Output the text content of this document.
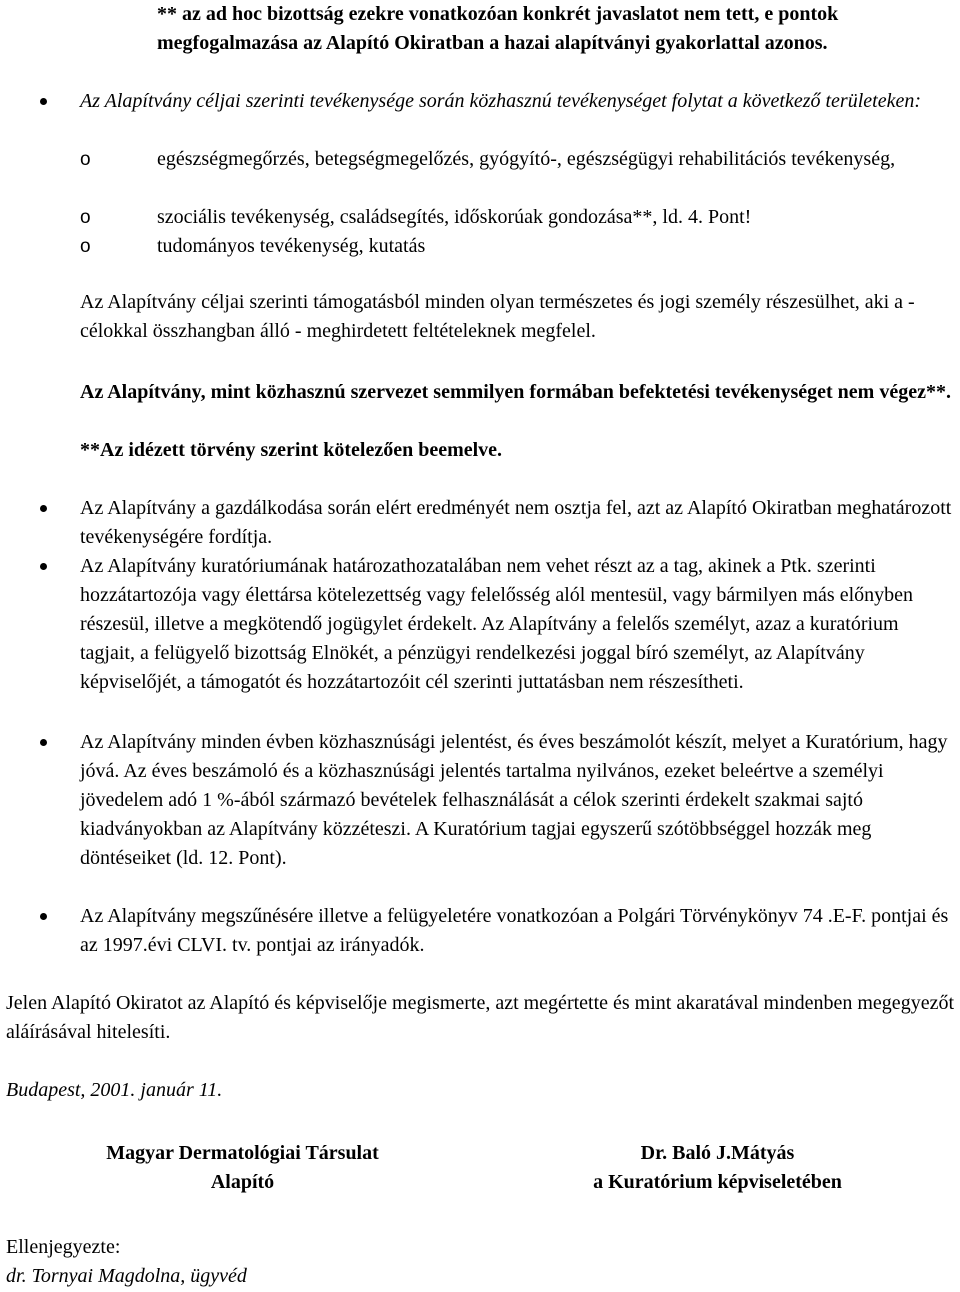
** az ad hoc bizottság ezekre vonatkozóan konkrét javaslatot nem tett, e pontok megfogalmazása az Alapító Okiratban a hazai alapítványi gyakorlattal azonos.

Az Alapítvány céljai szerinti tevékenysége során közhasznú tevékenységet folytat a következő területeken:

o	egészségmegőrzés, betegségmegelőzés, gyógyító-, egészségügyi rehabilitációs tevékenység,

o	szociális tevékenység, családsegítés, időskorúak gondozása**, ld. 4. Pont!

o	tudományos tevékenység, kutatás

Az Alapítvány céljai szerinti támogatásból minden olyan természetes és jogi személy részesülhet, aki a - célokkal összhangban álló - meghirdetett feltételeknek megfelel.

Az Alapítvány, mint közhasznú szervezet semmilyen formában befektetési tevékenységet nem végez**.

**Az idézett törvény szerint kötelezően beemelve.

Az Alapítvány a gazdálkodása során elért eredményét nem osztja fel, azt az Alapító Okiratban meghatározott tevékenységére fordítja.

Az Alapítvány kuratóriumának határozathozatalában nem vehet részt az a tag, akinek a Ptk. szerinti hozzátartozója vagy élettársa kötelezettség vagy felelősség alól mentesül, vagy bármilyen más előnyben részesül, illetve a megkötendő jogügylet érdekelt. Az Alapítvány a felelős személyt, azaz a kuratórium tagjait, a felügyelő bizottság Elnökét, a pénzügyi rendelkezési joggal bíró személyt, az Alapítvány képviselőjét, a támogatót és hozzátartozóit cél szerinti juttatásban nem részesítheti.

Az Alapítvány minden évben közhasznúsági jelentést, és éves beszámolót készít, melyet a Kuratórium, hagy jóvá. Az éves beszámoló és a közhasznúsági jelentés tartalma nyilvános, ezeket beleértve a személyi jövedelem adó 1 %-ából származó bevételek felhasználását a célok szerinti érdekelt szakmai sajtó kiadványokban az Alapítvány közzéteszi. A Kuratórium tagjai egyszerű szótöbbséggel hozzák meg döntéseiket (ld. 12. Pont).

Az Alapítvány megszűnésére illetve a felügyeletére vonatkozóan a Polgári Törvénykönyv 74 .E-F. pontjai és az 1997.évi CLVI. tv. pontjai az irányadók.

Jelen Alapító Okiratot az Alapító és képviselője megismerte, azt megértette és mint akaratával mindenben megegyezőt aláírásával hitelesíti.

Budapest, 2001. január 11.

Magyar Dermatológiai Társulat

Alapító

Dr. Baló J.Mátyás

a Kuratórium képviseletében

Ellenjegyezte:

dr. Tornyai Magdolna, ügyvéd
